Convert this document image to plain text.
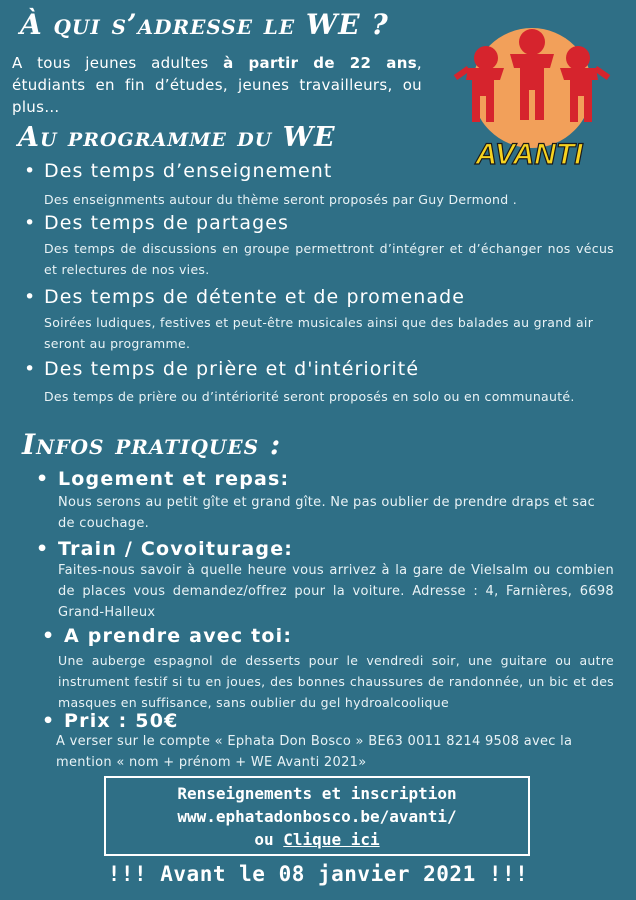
À qui s’adresse le WE ?
A tous jeunes adultes à partir de 22 ans, étudiants en fin d’études, jeunes travailleurs, ou plus…
AVANTI
Au programme du WE
• Des temps d’enseignement
Des enseignments autour du thème seront proposés par Guy Dermond .
• Des temps de partages
Des temps de discussions en groupe permettront d’intégrer et d’échanger nos vécus et relectures de nos vies.
• Des temps de détente et de promenade
Soirées ludiques, festives et peut-être musicales ainsi que des balades au grand air seront au programme.
• Des temps de prière et d'intériorité
Des temps de prière ou d’intériorité seront proposés en solo ou en communauté.
Infos pratiques :
• Logement et repas:
Nous serons au petit gîte et grand gîte. Ne pas oublier de prendre draps et sac de couchage.
• Train / Covoiturage:
Faites-nous savoir à quelle heure vous arrivez à la gare de Vielsalm ou combien de places vous demandez/offrez pour la voiture. Adresse : 4, Farnières, 6698 Grand-Halleux
• A prendre avec toi:
Une auberge espagnol de desserts pour le vendredi soir, une guitare ou autre instrument festif si tu en joues, des bonnes chaussures de randonnée, un bic et des masques en suffisance, sans oublier du gel hydroalcoolique
• Prix : 50€
A verser sur le compte « Ephata Don Bosco » BE63 0011 8214 9508 avec la mention « nom + prénom + WE Avanti 2021»
Renseignements et inscription
www.ephatadonbosco.be/avanti/
ou Clique ici
!!! Avant le 08 janvier 2021 !!!
